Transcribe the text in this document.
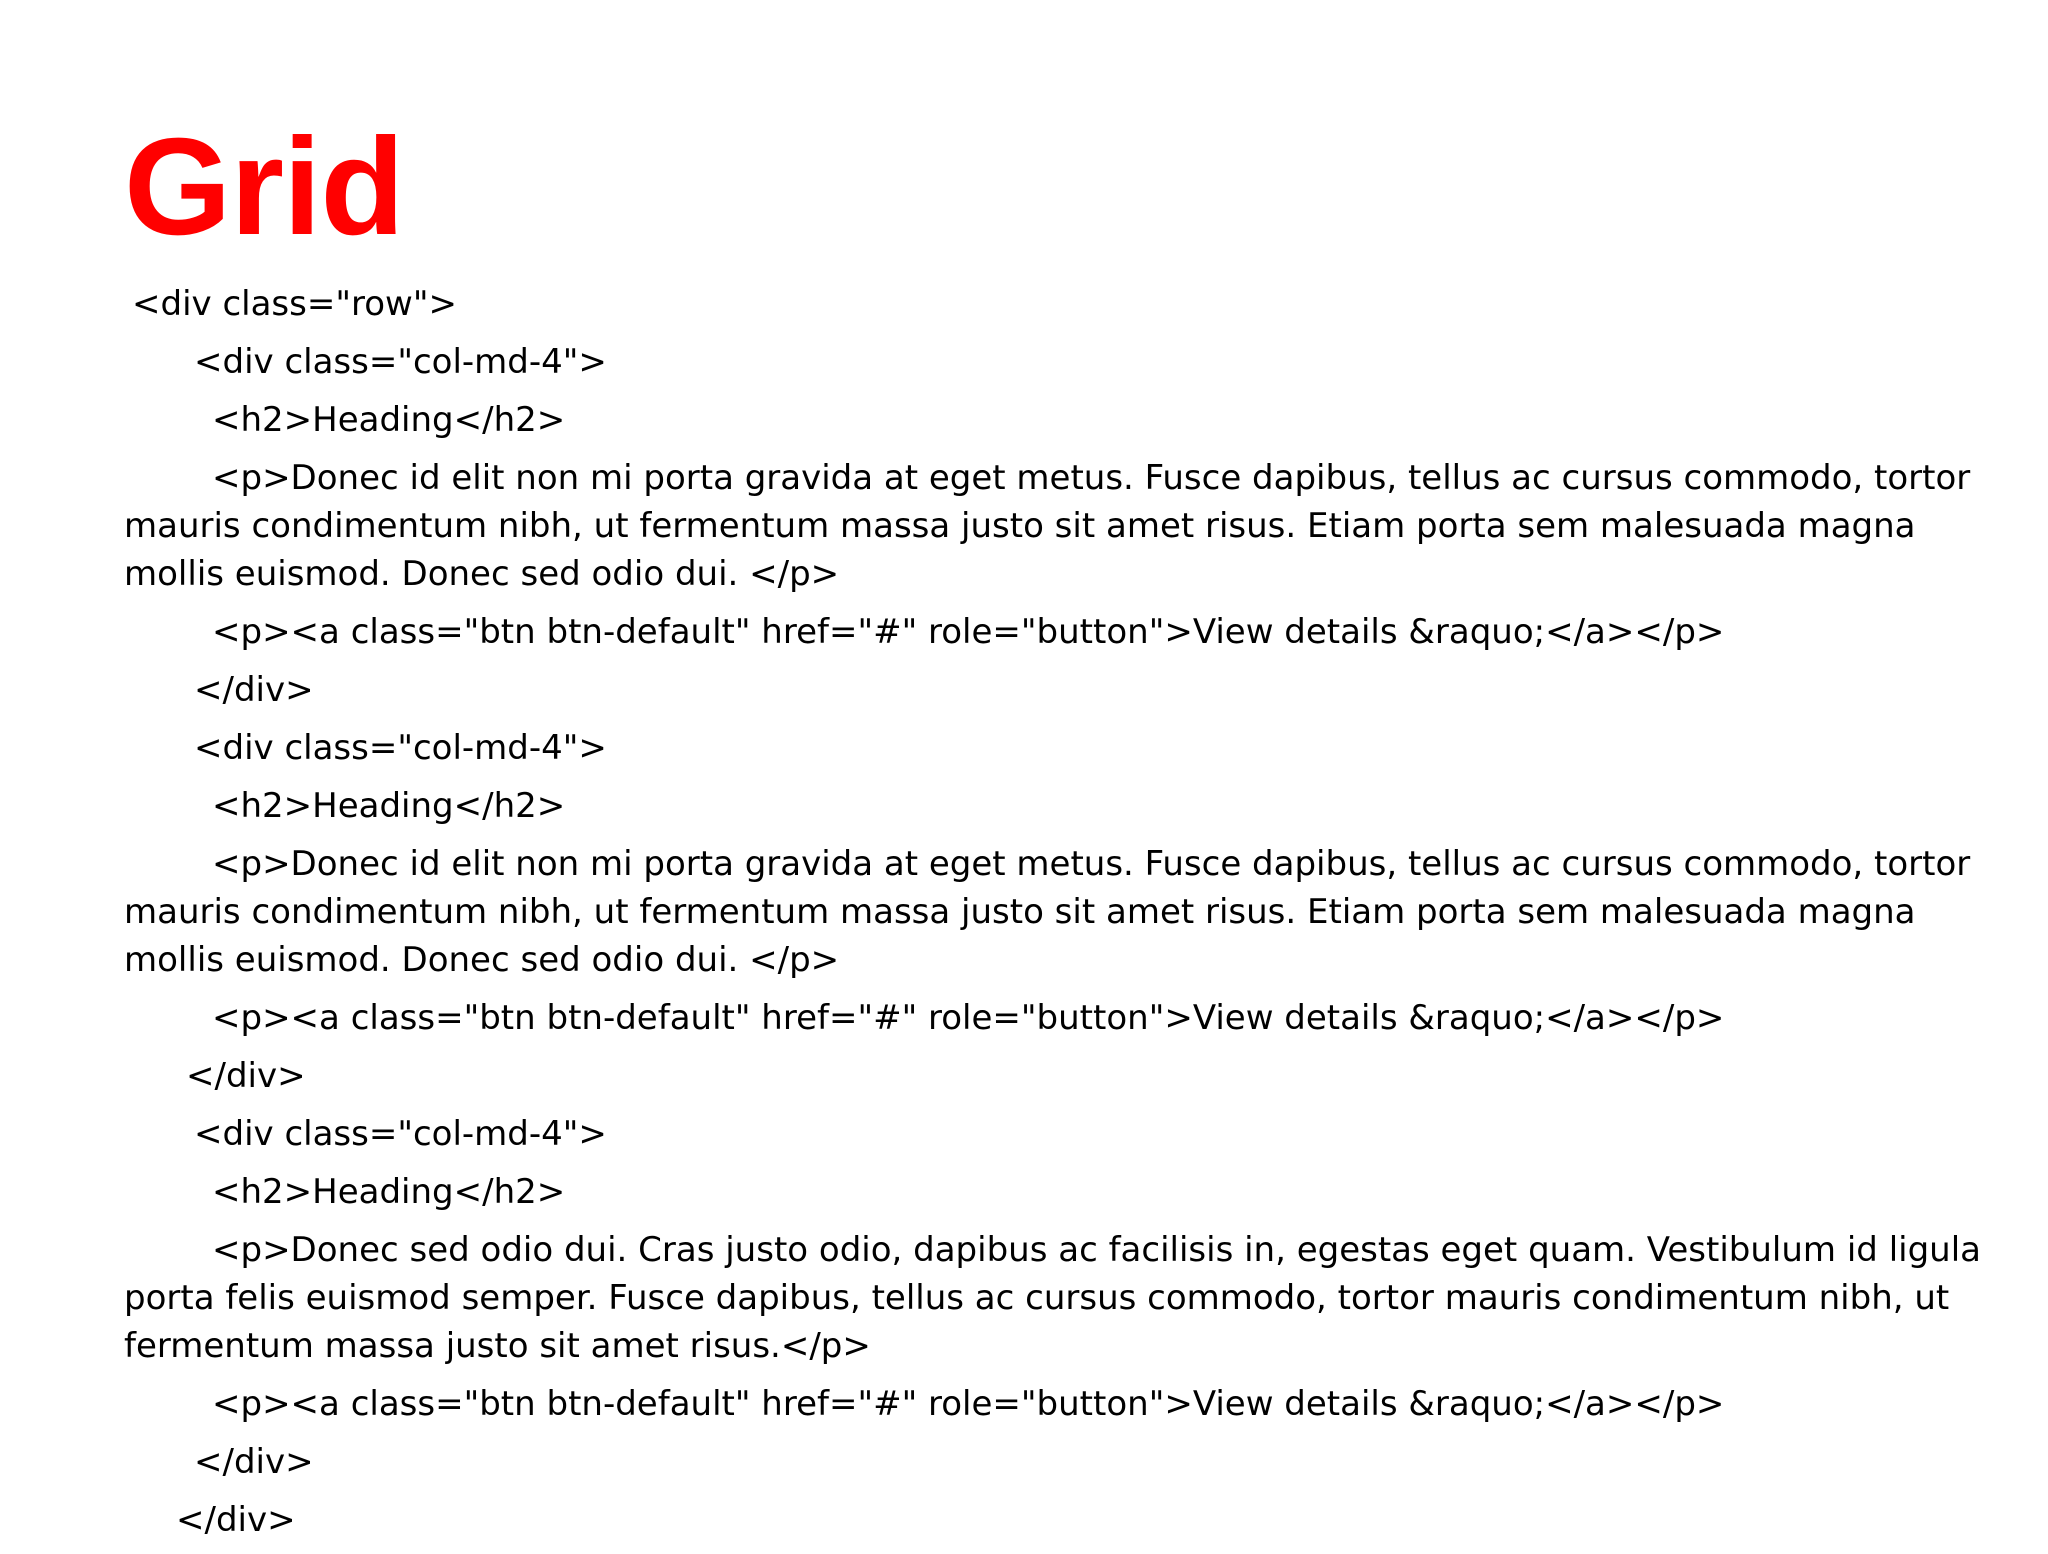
Grid
<div class="row">
<div class="col-md-4">
<h2>Heading</h2>
<p>Donec id elit non mi porta gravida at eget metus. Fusce dapibus, tellus ac cursus commodo, tortor mauris condimentum nibh, ut fermentum massa justo sit amet risus. Etiam porta sem malesuada magna mollis euismod. Donec sed odio dui. </p>
<p><a class="btn btn-default" href="#" role="button">View details &raquo;</a></p>
</div>
<div class="col-md-4">
<h2>Heading</h2>
<p>Donec id elit non mi porta gravida at eget metus. Fusce dapibus, tellus ac cursus commodo, tortor mauris condimentum nibh, ut fermentum massa justo sit amet risus. Etiam porta sem malesuada magna mollis euismod. Donec sed odio dui. </p>
<p><a class="btn btn-default" href="#" role="button">View details &raquo;</a></p>
</div>
<div class="col-md-4">
<h2>Heading</h2>
<p>Donec sed odio dui. Cras justo odio, dapibus ac facilisis in, egestas eget quam. Vestibulum id ligula porta felis euismod semper. Fusce dapibus, tellus ac cursus commodo, tortor mauris condimentum nibh, ut fermentum massa justo sit amet risus.</p>
<p><a class="btn btn-default" href="#" role="button">View details &raquo;</a></p>
</div>
</div>
